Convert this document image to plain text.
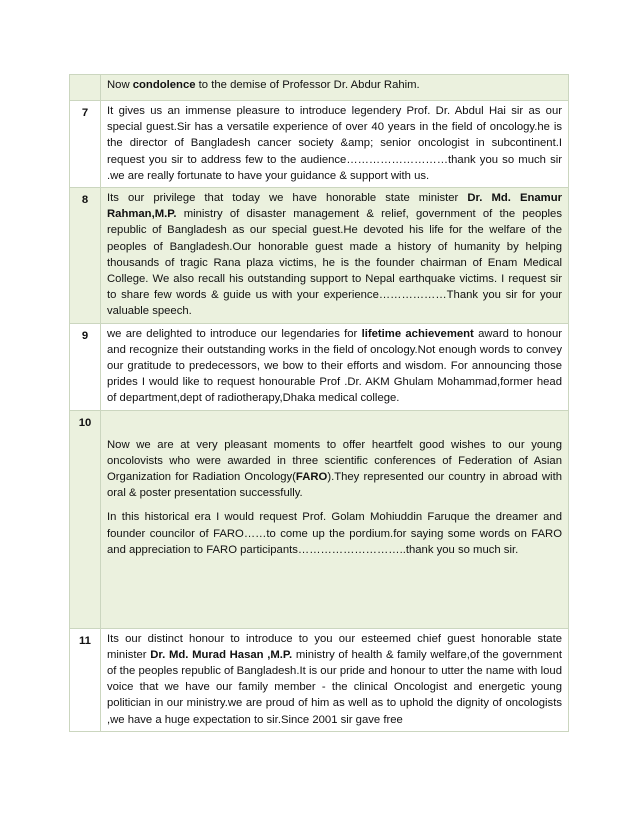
	Now condolence to the demise of Professor Dr. Abdur Rahim.
7	It gives us an immense pleasure to introduce legendery Prof. Dr. Abdul Hai sir as our special guest.Sir has a versatile experience of over 40 years in the field of oncology.he is the director of Bangladesh cancer society &amp; senior oncologist in subcontinent.I request you sir to address few to the audience………………………thank you so much sir .we are really fortunate to have your guidance & support with us.
8	Its our privilege that today we have honorable state minister Dr. Md. Enamur Rahman,M.P. ministry of disaster management & relief, government of the peoples republic of Bangladesh as our special guest.He devoted his life for the welfare of the peoples of Bangladesh.Our honorable guest made a history of humanity by helping thousands of tragic Rana plaza victims, he is the founder chairman of Enam Medical College. We also recall his outstanding support to Nepal earthquake victims. I request sir to share few words & guide us with your experience………………Thank you sir for your valuable speech.
9	we are delighted to introduce our legendaries for lifetime achievement award to honour and recognize their outstanding works in the field of oncology.Not enough words to convey our gratitude to predecessors, we bow to their efforts and wisdom. For announcing those prides I would like to request honourable Prof .Dr. AKM Ghulam Mohammad,former head of department,dept of radiotherapy,Dhaka medical college.
10	Now we are at very pleasant moments to offer heartfelt good wishes to our young oncolovists who were awarded in three scientific conferences of Federation of Asian Organization for Radiation Oncology(FARO).They represented our country in abroad with oral & poster presentation successfully.

In this historical era I would request Prof. Golam Mohiuddin Faruque the dreamer and founder councilor of FARO……to come up the pordium.for saying some words on FARO and appreciation to FARO participants………………………..thank you so much sir.

11	Its our distinct honour to introduce to you our esteemed chief guest honorable state minister Dr. Md. Murad Hasan ,M.P. ministry of health & family welfare,of the government of the peoples republic of Bangladesh.It is our pride and honour to utter the name with loud voice that we have our family member - the clinical Oncologist and energetic young politician in our ministry.we are proud of him as well as to uphold the dignity of oncologists ,we have a huge expectation to sir.Since 2001 sir gave free
